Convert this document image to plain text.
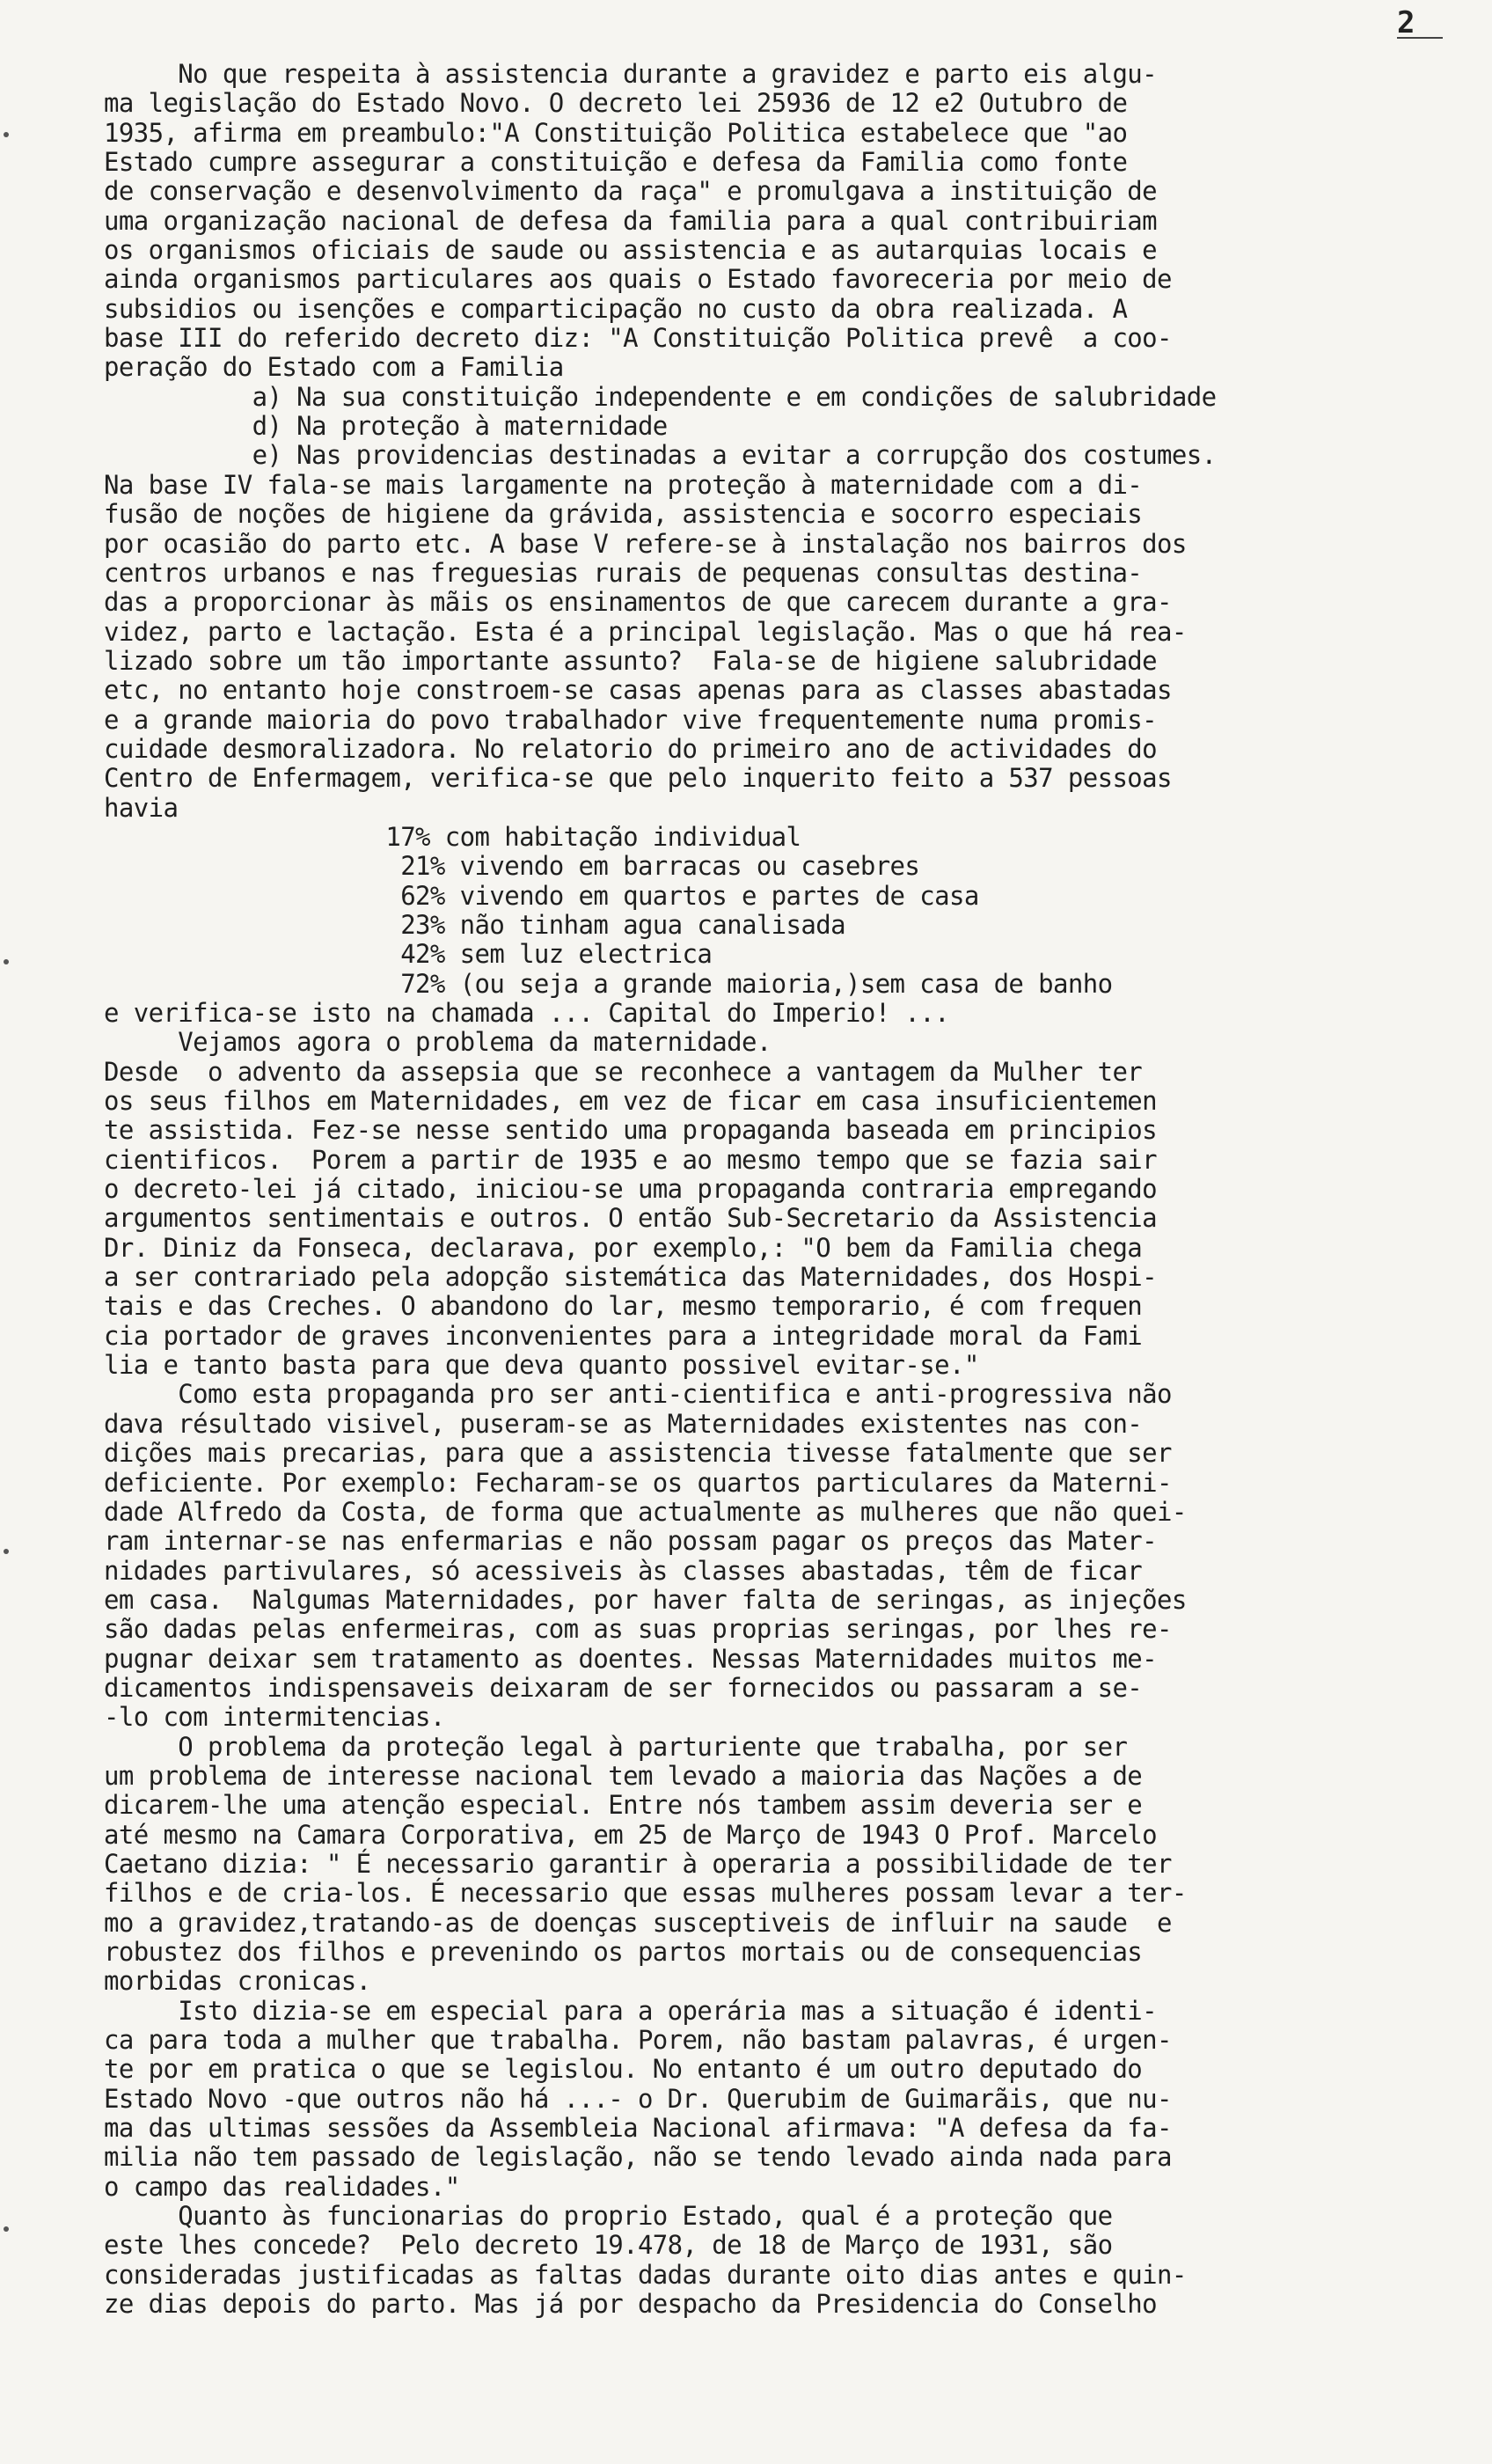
2
No que respeita à assistencia durante a gravidez e parto eis algu-
ma legislação do Estado Novo. O decreto lei 25936 de 12 e2 Outubro de
1935, afirma em preambulo:"A Constituição Politica estabelece que "ao
Estado cumpre assegurar a constituição e defesa da Familia como fonte
de conservação e desenvolvimento da raça" e promulgava a instituição de
uma organização nacional de defesa da familia para a qual contribuiriam
os organismos oficiais de saude ou assistencia e as autarquias locais e
ainda organismos particulares aos quais o Estado favoreceria por meio de
subsidios ou isenções e comparticipação no custo da obra realizada. A
base III do referido decreto diz: "A Constituição Politica prevê  a coo-
peração do Estado com a Familia
a) Na sua constituição independente e em condições de salubridade
d) Na proteção à maternidade
e) Nas providencias destinadas a evitar a corrupção dos costumes.
Na base IV fala-se mais largamente na proteção à maternidade com a di-
fusão de noções de higiene da grávida, assistencia e socorro especiais
por ocasião do parto etc. A base V refere-se à instalação nos bairros dos
centros urbanos e nas freguesias rurais de pequenas consultas destina-
das a proporcionar às mãis os ensinamentos de que carecem durante a gra-
videz, parto e lactação. Esta é a principal legislação. Mas o que há rea-
lizado sobre um tão importante assunto?  Fala-se de higiene salubridade
etc, no entanto hoje constroem-se casas apenas para as classes abastadas
e a grande maioria do povo trabalhador vive frequentemente numa promis-
cuidade desmoralizadora. No relatorio do primeiro ano de actividades do
Centro de Enfermagem, verifica-se que pelo inquerito feito a 537 pessoas
havia
17% com habitação individual
21% vivendo em barracas ou casebres
62% vivendo em quartos e partes de casa
23% não tinham agua canalisada
42% sem luz electrica
72% (ou seja a grande maioria,)sem casa de banho
e verifica-se isto na chamada ... Capital do Imperio! ...
Vejamos agora o problema da maternidade.
Desde  o advento da assepsia que se reconhece a vantagem da Mulher ter
os seus filhos em Maternidades, em vez de ficar em casa insuficientemen
te assistida. Fez-se nesse sentido uma propaganda baseada em principios
cientificos.  Porem a partir de 1935 e ao mesmo tempo que se fazia sair
o decreto-lei já citado, iniciou-se uma propaganda contraria empregando
argumentos sentimentais e outros. O então Sub-Secretario da Assistencia
Dr. Diniz da Fonseca, declarava, por exemplo,: "O bem da Familia chega
a ser contrariado pela adopção sistemática das Maternidades, dos Hospi-
tais e das Creches. O abandono do lar, mesmo temporario, é com frequen
cia portador de graves inconvenientes para a integridade moral da Fami
lia e tanto basta para que deva quanto possivel evitar-se."
Como esta propaganda pro ser anti-cientifica e anti-progressiva não
dava résultado visivel, puseram-se as Maternidades existentes nas con-
dições mais precarias, para que a assistencia tivesse fatalmente que ser
deficiente. Por exemplo: Fecharam-se os quartos particulares da Materni-
dade Alfredo da Costa, de forma que actualmente as mulheres que não quei-
ram internar-se nas enfermarias e não possam pagar os preços das Mater-
nidades partivulares, só acessiveis às classes abastadas, têm de ficar
em casa.  Nalgumas Maternidades, por haver falta de seringas, as injeções
são dadas pelas enfermeiras, com as suas proprias seringas, por lhes re-
pugnar deixar sem tratamento as doentes. Nessas Maternidades muitos me-
dicamentos indispensaveis deixaram de ser fornecidos ou passaram a se-
-lo com intermitencias.
O problema da proteção legal à parturiente que trabalha, por ser
um problema de interesse nacional tem levado a maioria das Nações a de
dicarem-lhe uma atenção especial. Entre nós tambem assim deveria ser e
até mesmo na Camara Corporativa, em 25 de Março de 1943 O Prof. Marcelo
Caetano dizia: " É necessario garantir à operaria a possibilidade de ter
filhos e de cria-los. É necessario que essas mulheres possam levar a ter-
mo a gravidez,tratando-as de doenças susceptiveis de influir na saude  e
robustez dos filhos e prevenindo os partos mortais ou de consequencias
morbidas cronicas.
Isto dizia-se em especial para a operária mas a situação é identi-
ca para toda a mulher que trabalha. Porem, não bastam palavras, é urgen-
te por em pratica o que se legislou. No entanto é um outro deputado do
Estado Novo -que outros não há ...- o Dr. Querubim de Guimarãis, que nu-
ma das ultimas sessões da Assembleia Nacional afirmava: "A defesa da fa-
milia não tem passado de legislação, não se tendo levado ainda nada para
o campo das realidades."
Quanto às funcionarias do proprio Estado, qual é a proteção que
este lhes concede?  Pelo decreto 19.478, de 18 de Março de 1931, são
consideradas justificadas as faltas dadas durante oito dias antes e quin-
ze dias depois do parto. Mas já por despacho da Presidencia do Conselho
